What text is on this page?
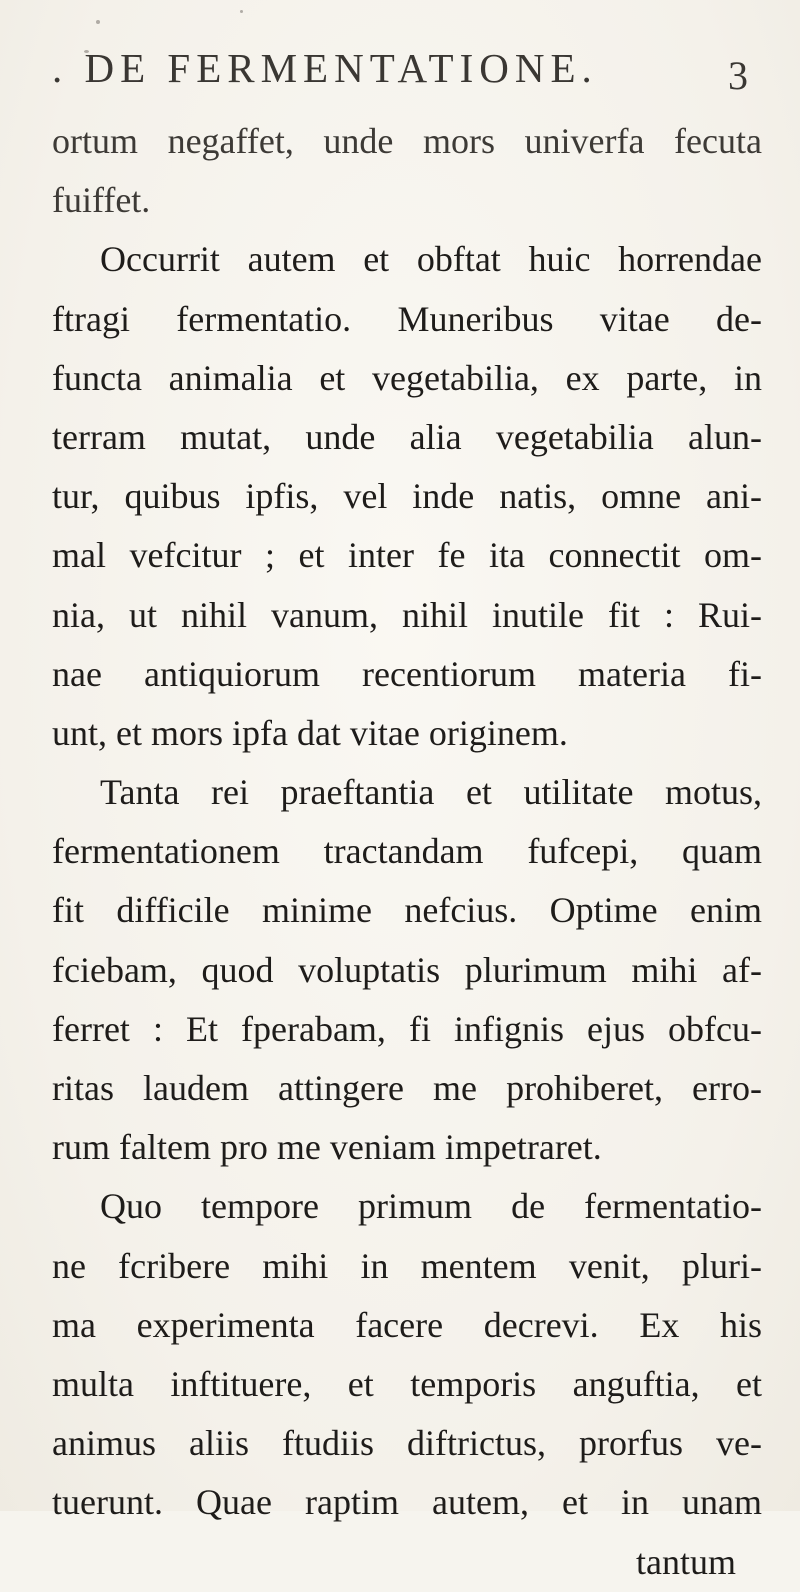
. DE FERMENTATIONE.	3
ortum negaffet, unde mors univerfa fecuta
fuiffet.
Occurrit autem et obftat huic horrendae
ftragi fermentatio. Muneribus vitae de-
functa animalia et vegetabilia, ex parte, in
terram mutat, unde alia vegetabilia alun-
tur, quibus ipfis, vel inde natis, omne ani-
mal vefcitur ; et inter fe ita connectit om-
nia, ut nihil vanum, nihil inutile fit : Rui-
nae antiquiorum recentiorum materia fi-
unt, et mors ipfa dat vitae originem.
Tanta rei praeftantia et utilitate motus,
fermentationem tractandam fufcepi, quam
fit difficile minime nefcius. Optime enim
fciebam, quod voluptatis plurimum mihi af-
ferret : Et fperabam, fi infignis ejus obfcu-
ritas laudem attingere me prohiberet, erro-
rum faltem pro me veniam impetraret.
Quo tempore primum de fermentatio-
ne fcribere mihi in mentem venit, pluri-
ma experimenta facere decrevi. Ex his
multa inftituere, et temporis anguftia, et
animus aliis ftudiis diftrictus, prorfus ve-
tuerunt. Quae raptim autem, et in unam
tantum
